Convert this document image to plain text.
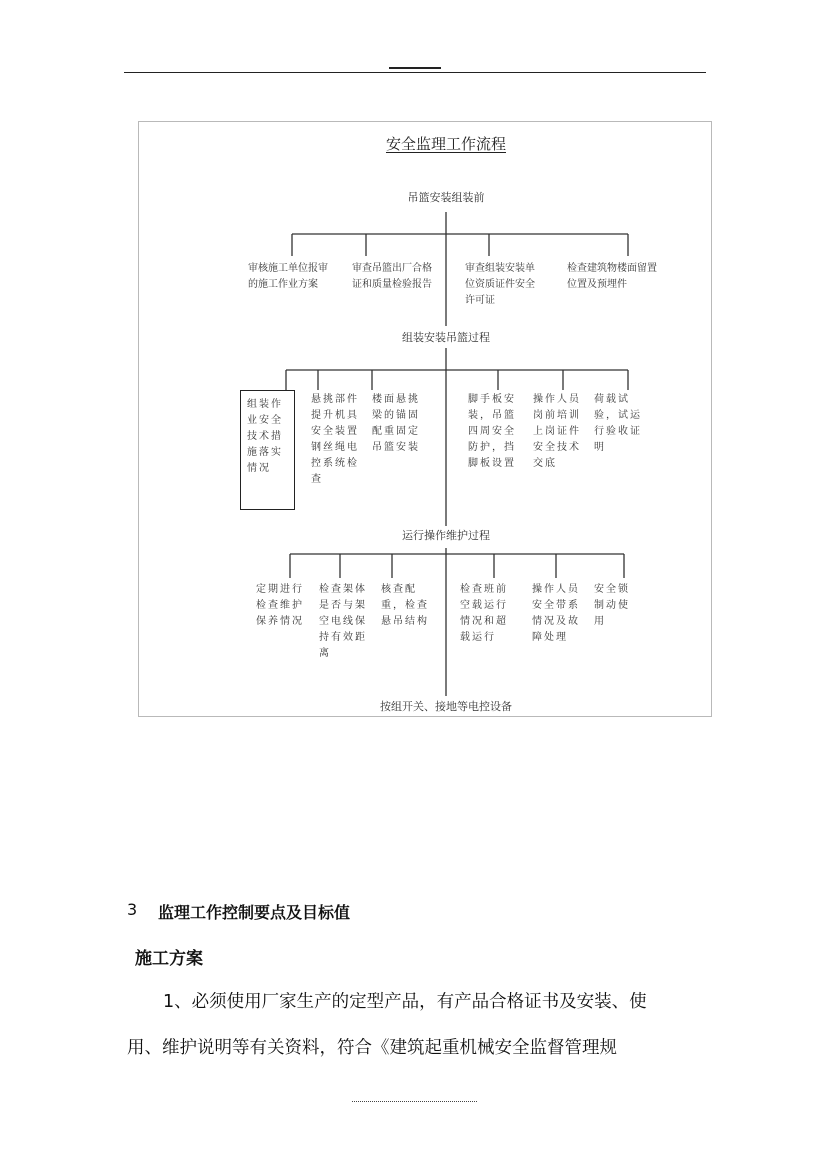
安全监理工作流程
吊篮安装组装前
审核施工单位报审的施工作业方案
审查吊篮出厂合格证和质量检验报告
审查组装安装单位资质证件安全许可证
检查建筑物楼面留置位置及预埋件
组装安装吊篮过程
组装作业安全技术措施落实情况
悬挑部件提升机具安全装置钢丝绳电控系统检查
楼面悬挑梁的锚固配重固定吊篮安装
脚手板安装，吊篮四周安全防护，挡脚板设置
操作人员岗前培训上岗证件安全技术交底
荷载试验，试运行验收证明
运行操作维护过程
定期进行检查维护保养情况
检查架体是否与架空电线保持有效距离
核查配重，检查悬吊结构
检查班前空载运行情况和超载运行
操作人员安全带系情况及故障处理
安全锁制动使用
按组开关、接地等电控设备
3 监理工作控制要点及目标值
施工方案
1、必须使用厂家生产的定型产品，有产品合格证书及安装、使
用、维护说明等有关资料，符合《建筑起重机械安全监督管理规
